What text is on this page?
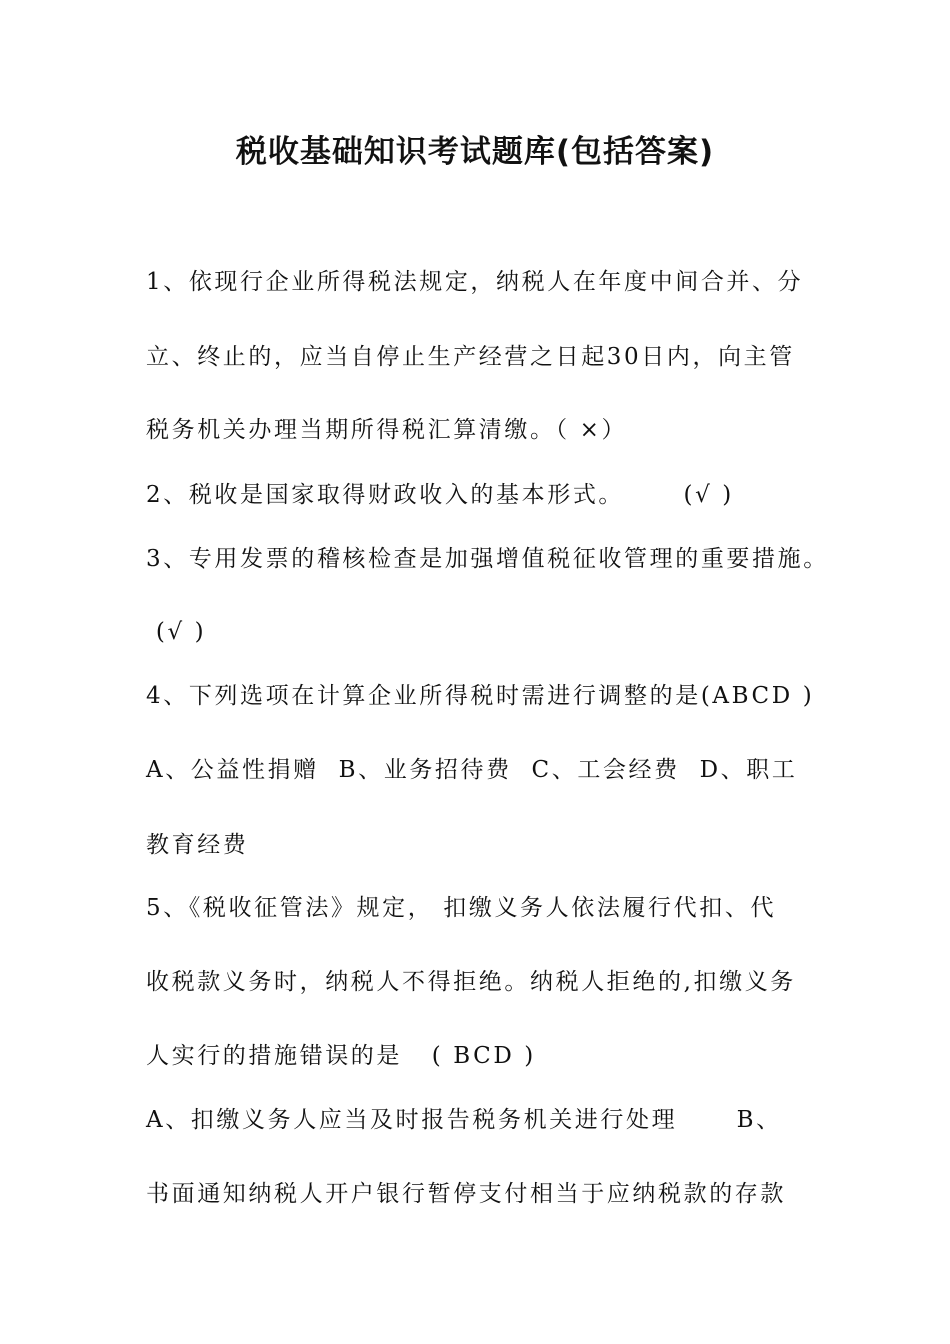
税收基础知识考试题库(包括答案)
1、依现行企业所得税法规定，纳税人在年度中间合并、分
立、终止的，应当自停止生产经营之日起30日内，向主管
税务机关办理当期所得税汇算清缴。（ ×）
2、税收是国家取得财政收入的基本形式。      (√ )
3、专用发票的稽核检查是加强增值税征收管理的重要措施。
(√ )
4、下列选项在计算企业所得税时需进行调整的是(ABCD )
A、公益性捐赠  B、业务招待费  C、工会经费  D、职工
教育经费
5、《税收征管法》规定， 扣缴义务人依法履行代扣、代
收税款义务时，纳税人不得拒绝。纳税人拒绝的,扣缴义务
人实行的措施错误的是   ( BCD )
A、扣缴义务人应当及时报告税务机关进行处理      B、
书面通知纳税人开户银行暂停支付相当于应纳税款的存款
